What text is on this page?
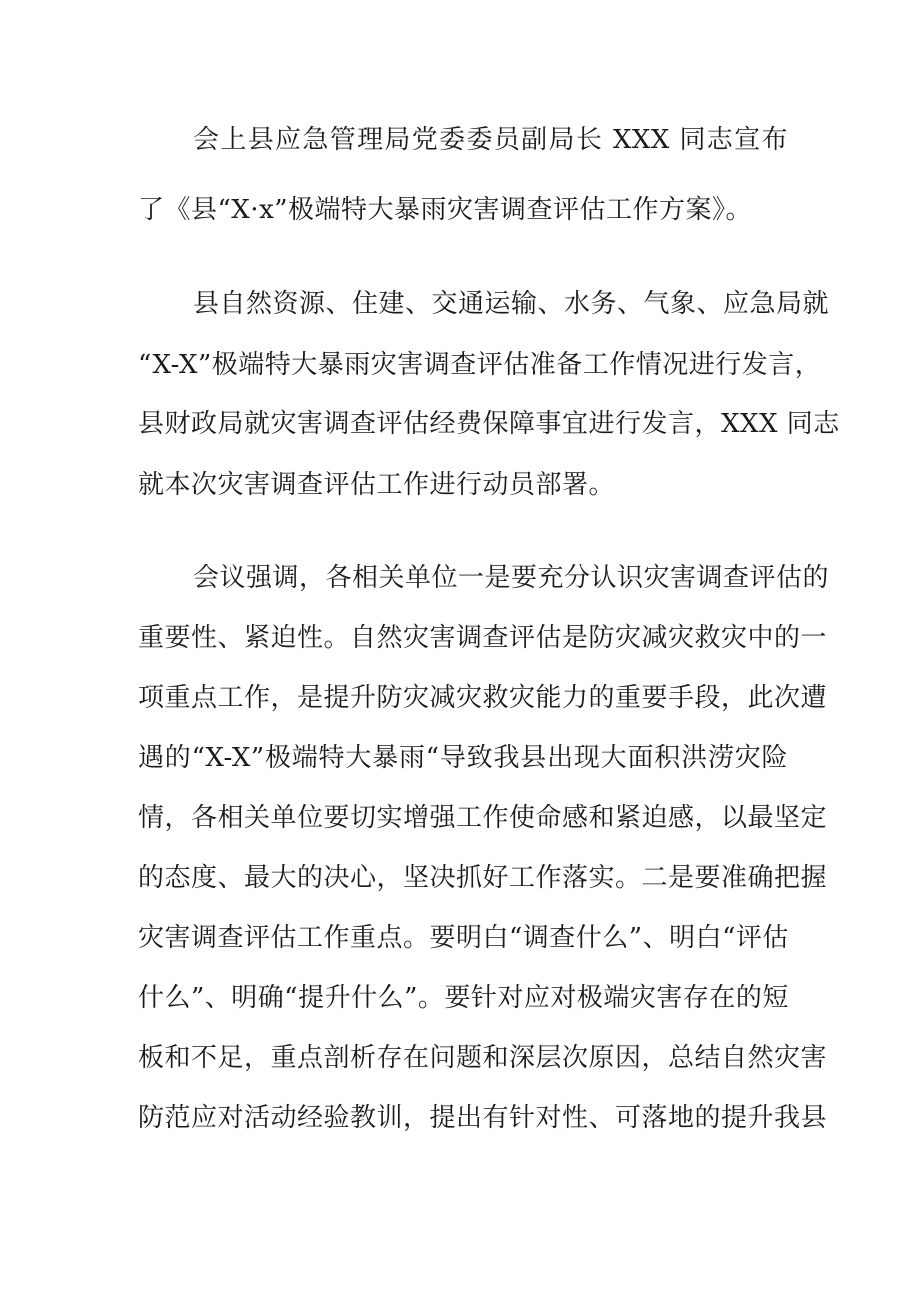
会上县应急管理局党委委员副局长 XXX 同志宣布
了《县“X·x”极端特大暴雨灾害调查评估工作方案》。
县自然资源、住建、交通运输、水务、气象、应急局就
“X-X”极端特大暴雨灾害调查评估准备工作情况进行发言，
县财政局就灾害调查评估经费保障事宜进行发言，XXX 同志
就本次灾害调查评估工作进行动员部署。
会议强调，各相关单位一是要充分认识灾害调查评估的
重要性、紧迫性。自然灾害调查评估是防灾减灾救灾中的一
项重点工作，是提升防灾减灾救灾能力的重要手段，此次遭
遇的“X-X”极端特大暴雨“导致我县出现大面积洪涝灾险
情，各相关单位要切实增强工作使命感和紧迫感，以最坚定
的态度、最大的决心，坚决抓好工作落实。二是要准确把握
灾害调查评估工作重点。要明白“调查什么”、明白“评估
什么”、明确“提升什么”。要针对应对极端灾害存在的短
板和不足，重点剖析存在问题和深层次原因，总结自然灾害
防范应对活动经验教训，提出有针对性、可落地的提升我县
